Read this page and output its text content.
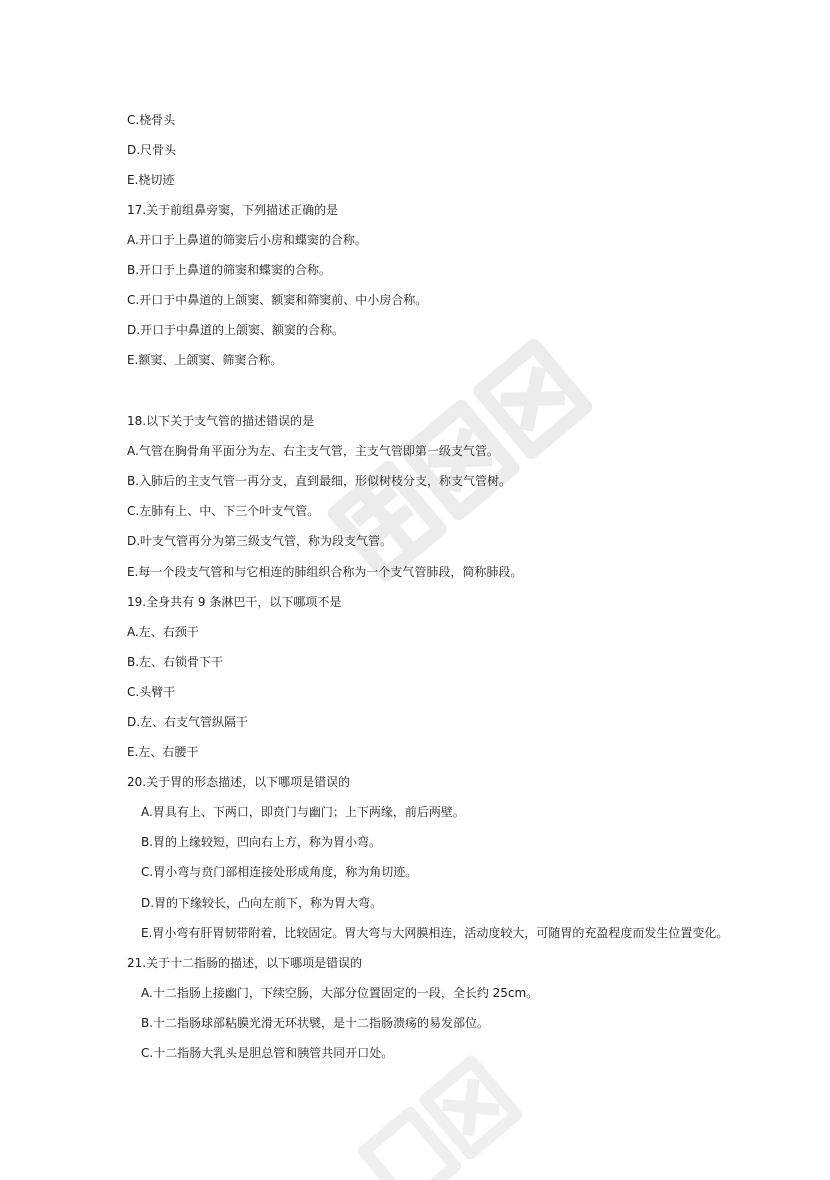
C.桡骨头
D.尺骨头
E.桡切迹
17.关于前组鼻旁窦，下列描述正确的是
A.开口于上鼻道的筛窦后小房和蝶窦的合称。
B.开口于上鼻道的筛窦和蝶窦的合称。
C.开口于中鼻道的上颌窦、额窦和筛窦前、中小房合称。
D.开口于中鼻道的上颌窦、额窦的合称。
E.额窦、上颌窦、筛窦合称。
18.以下关于支气管的描述错误的是
A.气管在胸骨角平面分为左、右主支气管，主支气管即第一级支气管。
B.入肺后的主支气管一再分支，直到最细，形似树枝分支，称支气管树。
C.左肺有上、中、下三个叶支气管。
D.叶支气管再分为第三级支气管，称为段支气管。
E.每一个段支气管和与它相连的肺组织合称为一个支气管肺段，简称肺段。
19.全身共有 9 条淋巴干，以下哪项不是
A.左、右颈干
B.左、右锁骨下干
C.头臂干
D.左、右支气管纵隔干
E.左、右腰干
20.关于胃的形态描述，以下哪项是错误的
A.胃具有上、下两口，即贲门与幽门；上下两缘，前后两壁。
B.胃的上缘较短，凹向右上方，称为胃小弯。
C.胃小弯与贲门部相连接处形成角度，称为角切迹。
D.胃的下缘较长，凸向左前下，称为胃大弯。
E.胃小弯有肝胃韧带附着，比较固定。胃大弯与大网膜相连，活动度较大，可随胃的充盈程度而发生位置变化。
21.关于十二指肠的描述，以下哪项是错误的
A.十二指肠上接幽门，下续空肠，大部分位置固定的一段，全长约 25cm。
B.十二指肠球部粘膜光滑无环状襞，是十二指肠溃疡的易发部位。
C.十二指肠大乳头是胆总管和胰管共同开口处。
